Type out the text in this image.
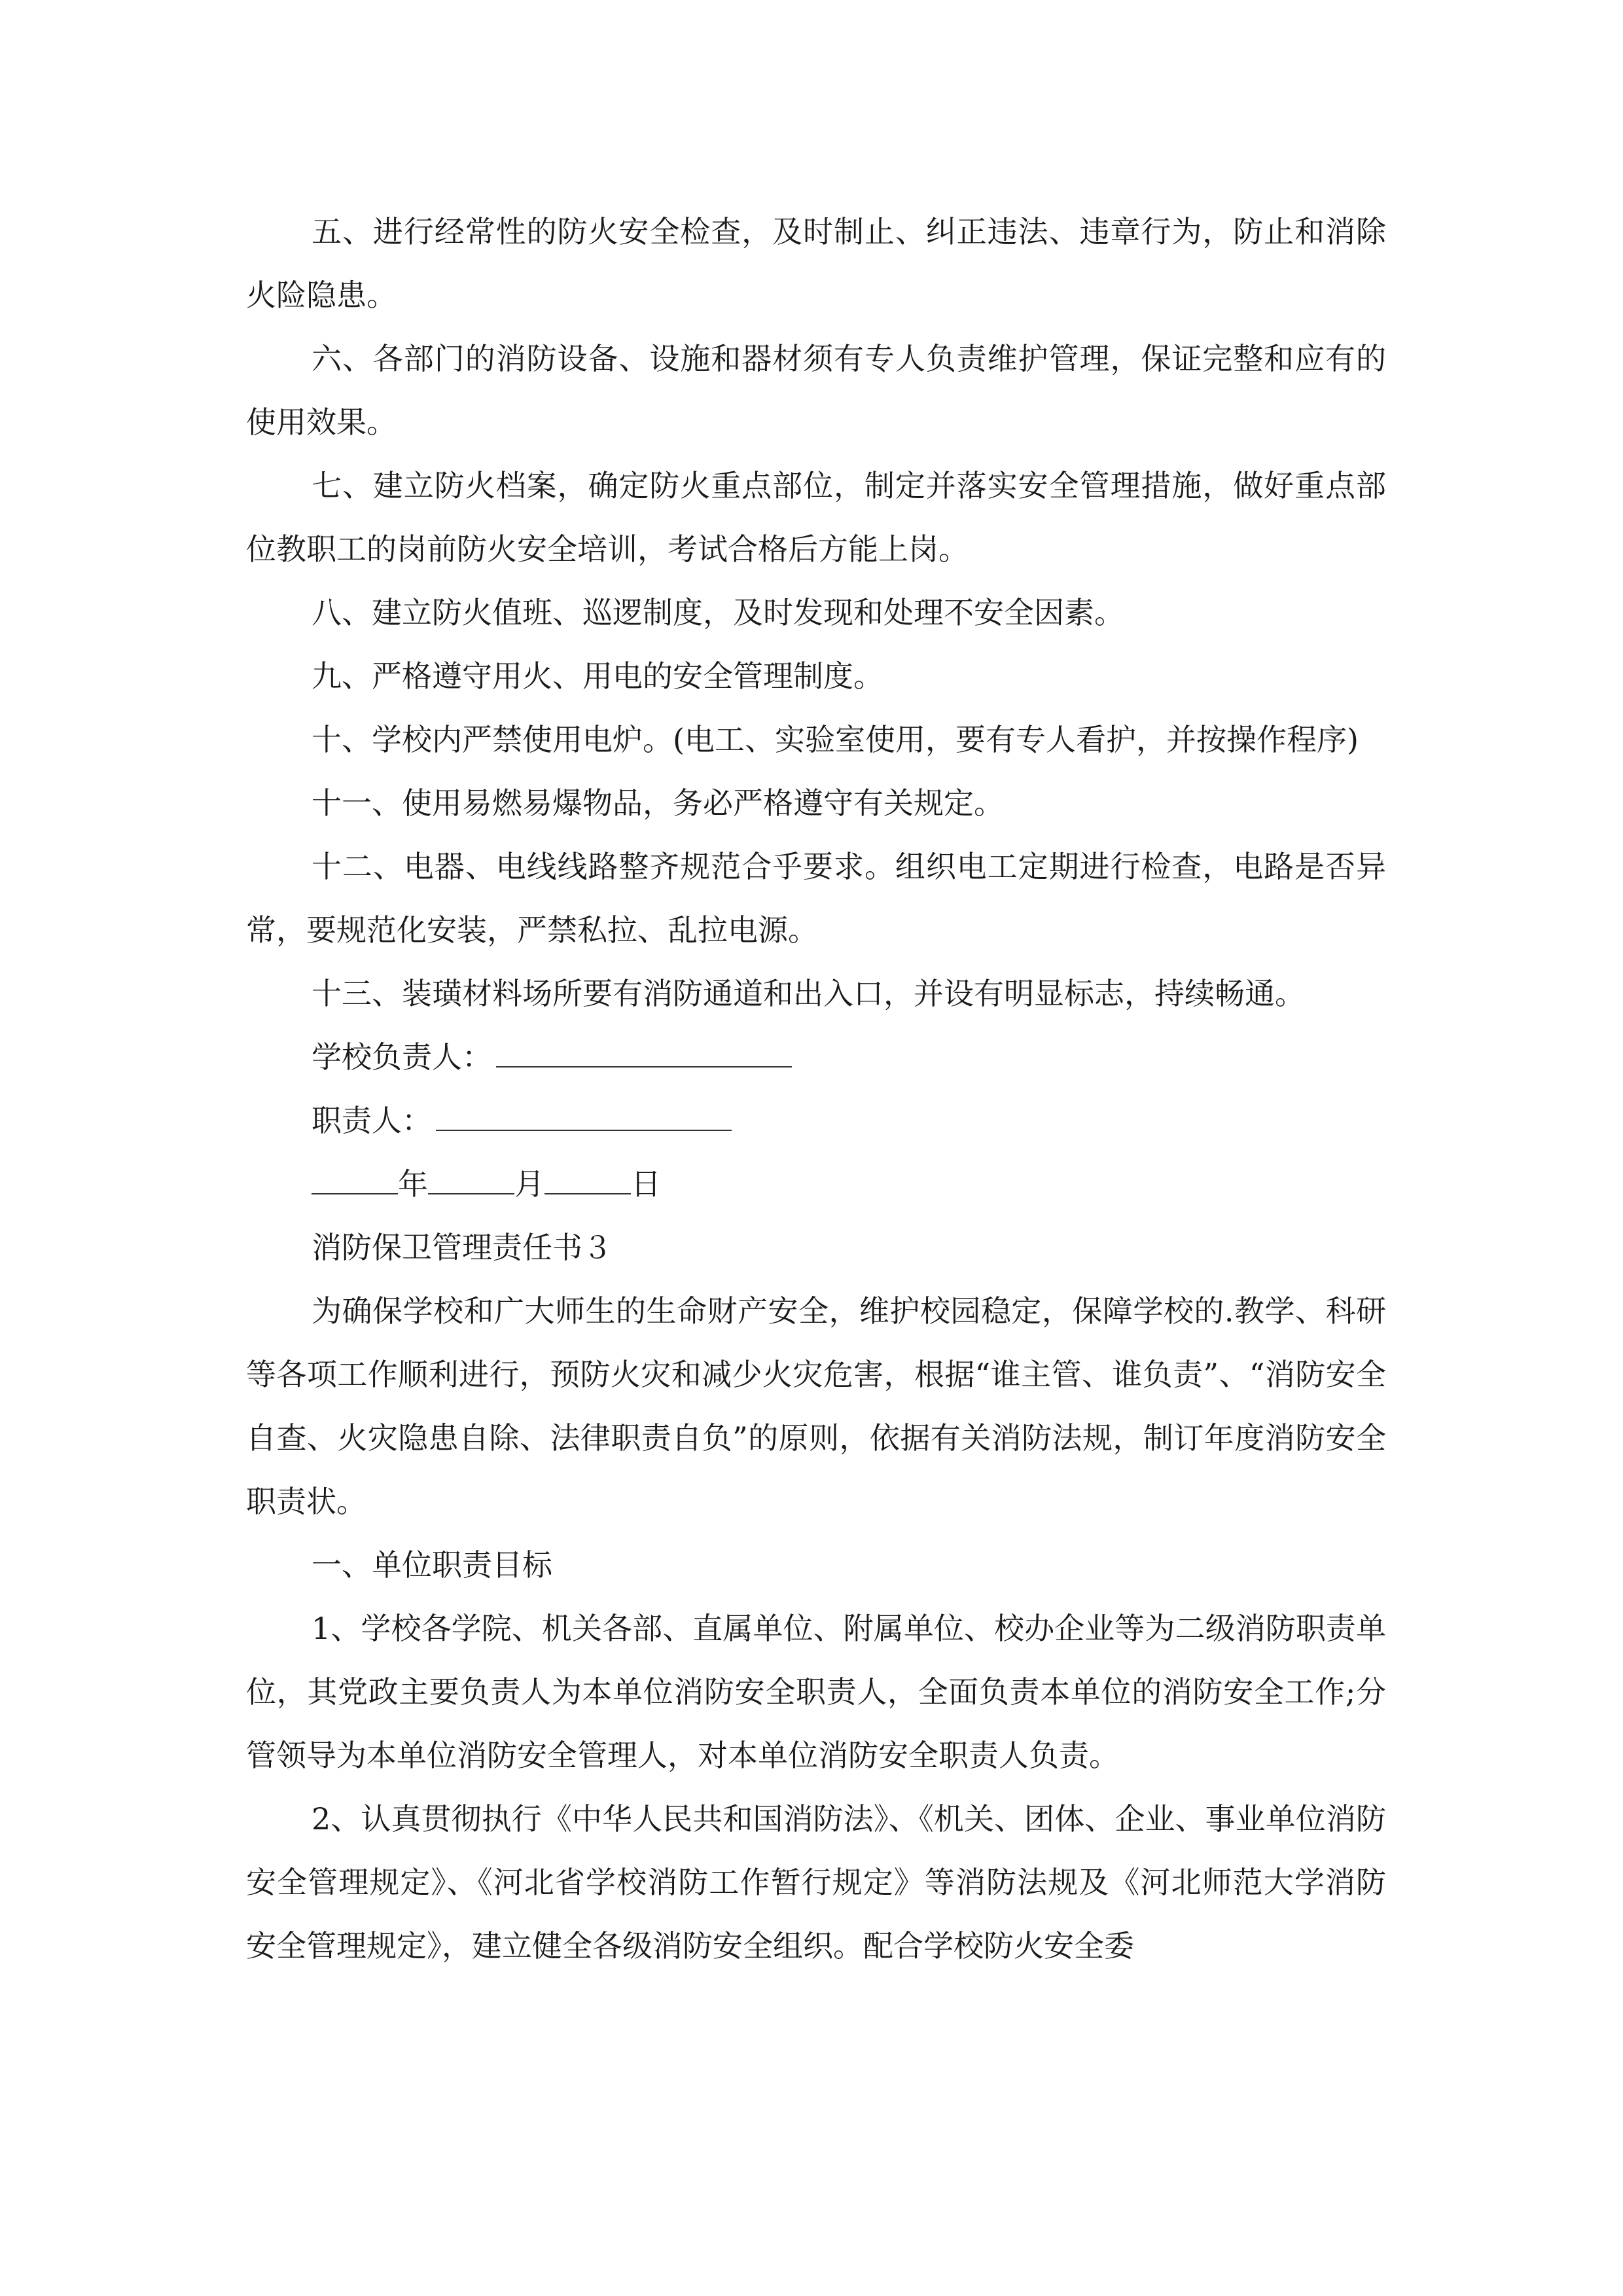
五、进行经常性的防火安全检查，及时制止、纠正违法、违章行为，防止和消除火险隐患。

六、各部门的消防设备、设施和器材须有专人负责维护管理，保证完整和应有的使用效果。

七、建立防火档案，确定防火重点部位，制定并落实安全管理措施，做好重点部位教职工的岗前防火安全培训，考试合格后方能上岗。

八、建立防火值班、巡逻制度，及时发现和处理不安全因素。

九、严格遵守用火、用电的安全管理制度。

十、学校内严禁使用电炉。(电工、实验室使用，要有专人看护，并按操作程序)

十一、使用易燃易爆物品，务必严格遵守有关规定。

十二、电器、电线线路整齐规范合乎要求。组织电工定期进行检查，电路是否异常，要规范化安装，严禁私拉、乱拉电源。

十三、装璜材料场所要有消防通道和出入口，并设有明显标志，持续畅通。

学校负责人：

职责人：

年	月	日

消防保卫管理责任书３

为确保学校和广大师生的生命财产安全，维护校园稳定，保障学校的.教学、科研等各项工作顺利进行，预防火灾和减少火灾危害，根据“谁主管、谁负责”、“消防安全自查、火灾隐患自除、法律职责自负”的原则，依据有关消防法规，制订年度消防安全职责状。

一、单位职责目标

1、学校各学院、机关各部、直属单位、附属单位、校办企业等为二级消防职责单位，其党政主要负责人为本单位消防安全职责人，全面负责本单位的消防安全工作;分管领导为本单位消防安全管理人，对本单位消防安全职责人负责。

2、认真贯彻执行《中华人民共和国消防法》、《机关、团体、企业、事业单位消防安全管理规定》、《河北省学校消防工作暂行规定》等消防法规及《河北师范大学消防安全管理规定》，建立健全各级消防安全组织。配合学校防火安全委
